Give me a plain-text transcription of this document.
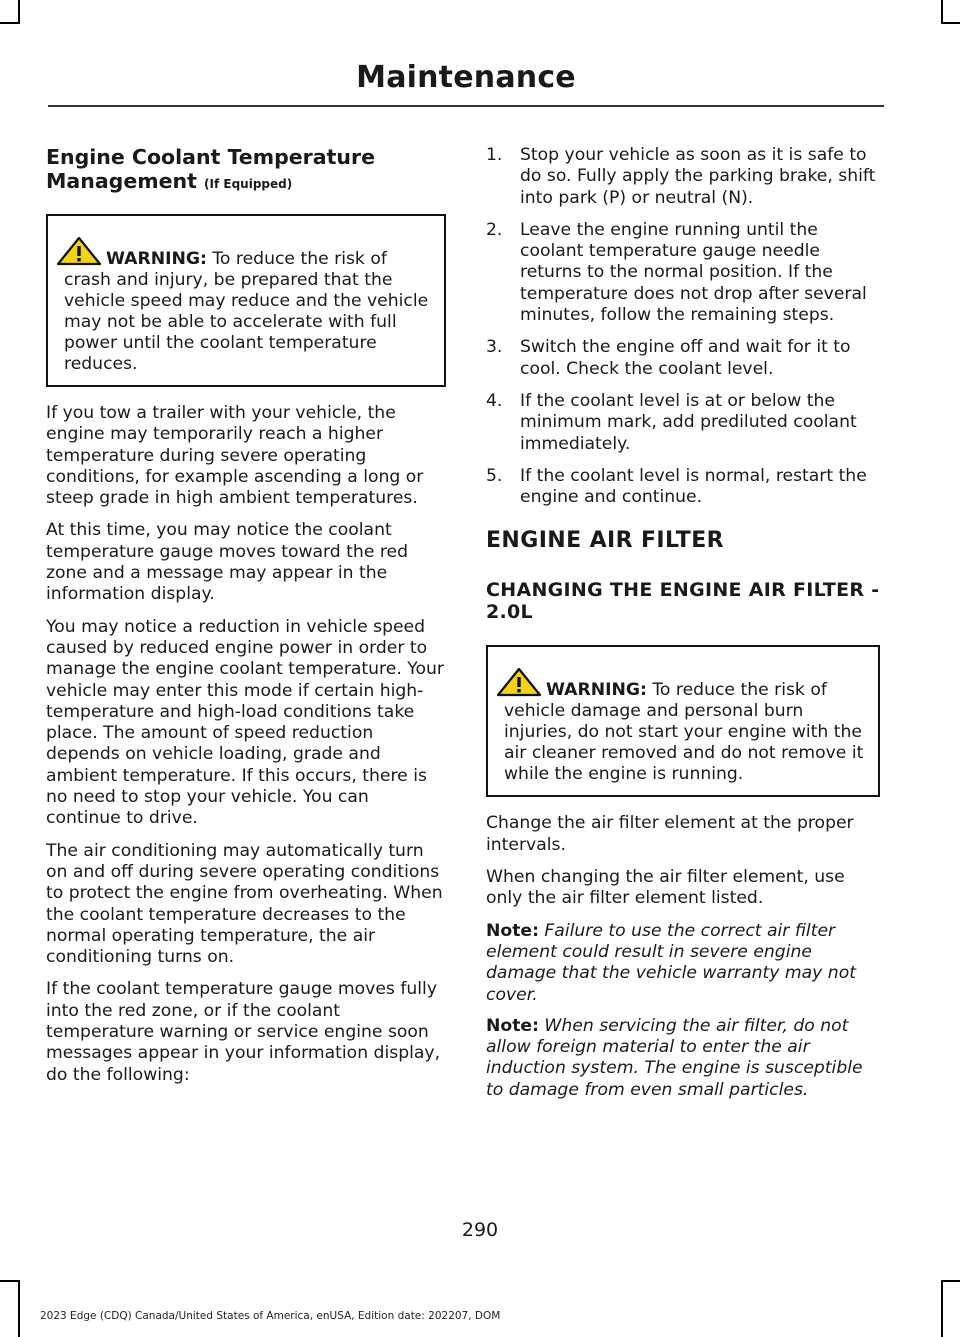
Maintenance
Engine Coolant Temperature Management (If Equipped)
WARNING: To reduce the risk of crash and injury, be prepared that the vehicle speed may reduce and the vehicle may not be able to accelerate with full power until the coolant temperature reduces.

If you tow a trailer with your vehicle, the engine may temporarily reach a higher temperature during severe operating conditions, for example ascending a long or steep grade in high ambient temperatures.

At this time, you may notice the coolant temperature gauge moves toward the red zone and a message may appear in the information display.

You may notice a reduction in vehicle speed caused by reduced engine power in order to manage the engine coolant temperature. Your vehicle may enter this mode if certain high-temperature and high-load conditions take place. The amount of speed reduction depends on vehicle loading, grade and ambient temperature. If this occurs, there is no need to stop your vehicle. You can continue to drive.

The air conditioning may automatically turn on and off during severe operating conditions to protect the engine from overheating. When the coolant temperature decreases to the normal operating temperature, the air conditioning turns on.

If the coolant temperature gauge moves fully into the red zone, or if the coolant temperature warning or service engine soon messages appear in your information display, do the following:

1. Stop your vehicle as soon as it is safe to do so. Fully apply the parking brake, shift into park (P) or neutral (N).
2. Leave the engine running until the coolant temperature gauge needle returns to the normal position. If the temperature does not drop after several minutes, follow the remaining steps.
3. Switch the engine off and wait for it to cool. Check the coolant level.
4. If the coolant level is at or below the minimum mark, add prediluted coolant immediately.
5. If the coolant level is normal, restart the engine and continue.
ENGINE AIR FILTER
CHANGING THE ENGINE AIR FILTER - 2.0L
WARNING: To reduce the risk of vehicle damage and personal burn injuries, do not start your engine with the air cleaner removed and do not remove it while the engine is running.

Change the air filter element at the proper intervals.

When changing the air filter element, use only the air filter element listed.

Note: Failure to use the correct air filter element could result in severe engine damage that the vehicle warranty may not cover.

Note: When servicing the air filter, do not allow foreign material to enter the air induction system. The engine is susceptible to damage from even small particles.

290
2023 Edge (CDQ) Canada/United States of America, enUSA, Edition date: 202207, DOM
